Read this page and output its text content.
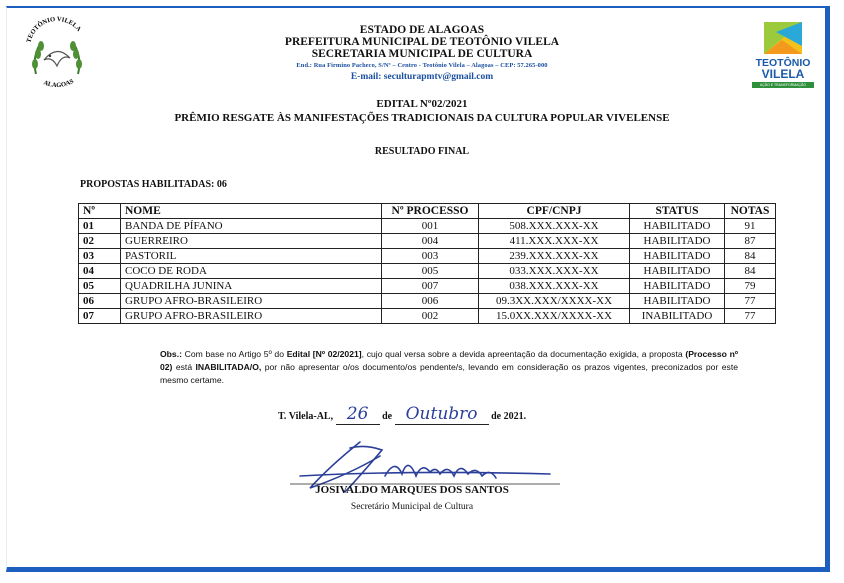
TEOTÔNIO VILELA
ALAGOAS
TEOTÔNIO
VILELA
AÇÃO E TRANSFORMAÇÃO
ESTADO DE ALAGOAS
PREFEITURA MUNICIPAL DE TEOTÔNIO VILELA
SECRETARIA MUNICIPAL DE CULTURA
End.: Rua Firmino Pacheco, S/Nº – Centro - Teotônio Vilela – Alagoas – CEP: 57.265-000
E-mail: seculturapmtv@gmail.com
EDITAL Nº02/2021
PRÊMIO RESGATE ÀS MANIFESTAÇÕES TRADICIONAIS DA CULTURA POPULAR VIVELENSE
RESULTADO FINAL
PROPOSTAS HABILITADAS: 06
Nº	NOME	Nº PROCESSO	CPF/CNPJ	STATUS	NOTAS
01	BANDA DE PÍFANO	001	508.XXX.XXX-XX	HABILITADO	91
02	GUERREIRO	004	411.XXX.XXX-XX	HABILITADO	87
03	PASTORIL	003	239.XXX.XXX-XX	HABILITADO	84
04	COCO DE RODA	005	033.XXX.XXX-XX	HABILITADO	84
05	QUADRILHA JUNINA	007	038.XXX.XXX-XX	HABILITADO	79
06	GRUPO AFRO-BRASILEIRO	006	09.3XX.XXX/XXXX-XX	HABILITADO	77
07	GRUPO AFRO-BRASILEIRO	002	15.0XX.XXX/XXXX-XX	INABILITADO	77
Obs.: Com base no Artigo 5º do Edital [Nº 02/2021], cujo qual versa sobre a devida apreentação da documentação exigida, a proposta (Processo nº 02) está INABILITADA/O, por não apresentar o/os documento/os pendente/s, levando em consideração os prazos vigentes, preconizados por este mesmo certame.
T. Vilela-AL, 26 de Outubro de 2021.
JOSIVALDO MARQUES DOS SANTOS
Secretário Municipal de Cultura
